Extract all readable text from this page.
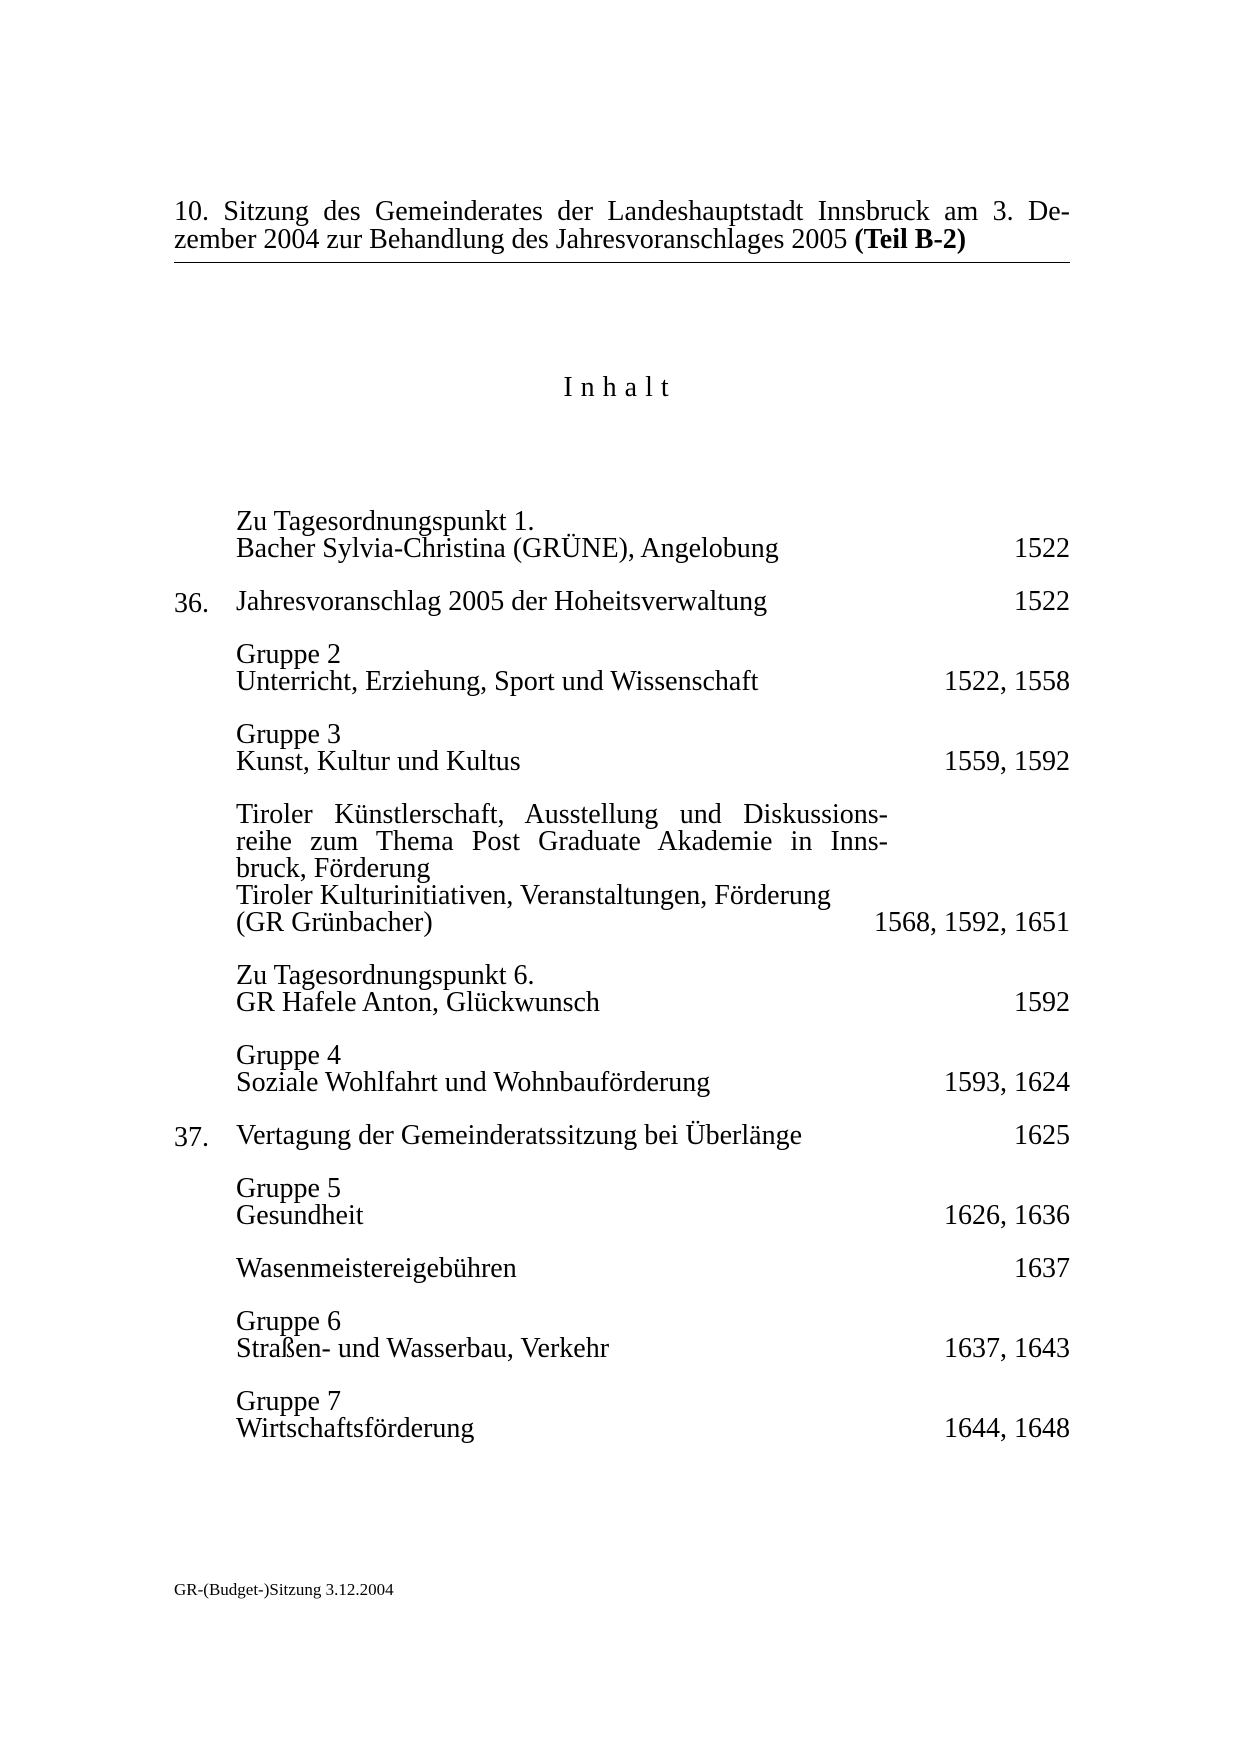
10. Sitzung des Gemeinderates der Landeshauptstadt Innsbruck am 3. De-
zember 2004 zur Behandlung des Jahresvoranschlages 2005 (Teil B-2)
Inhalt
Zu Tagesordnungspunkt 1.
Bacher Sylvia-Christina (GRÜNE), Angelobung	1522
36. Jahresvoranschlag 2005 der Hoheitsverwaltung	1522
Gruppe 2
Unterricht, Erziehung, Sport und Wissenschaft	1522, 1558
Gruppe 3
Kunst, Kultur und Kultus	1559, 1592
Tiroler Künstlerschaft, Ausstellung und Diskussions-
reihe zum Thema Post Graduate Akademie in Inns-
bruck, Förderung
Tiroler Kulturinitiativen, Veranstaltungen, Förderung
(GR Grünbacher)	1568, 1592, 1651
Zu Tagesordnungspunkt 6.
GR Hafele Anton, Glückwunsch	1592
Gruppe 4
Soziale Wohlfahrt und Wohnbauförderung	1593, 1624
37. Vertagung der Gemeinderatssitzung bei Überlänge	1625
Gruppe 5
Gesundheit	1626, 1636
Wasenmeistereigebühren	1637
Gruppe 6
Straßen- und Wasserbau, Verkehr	1637, 1643
Gruppe 7
Wirtschaftsförderung	1644, 1648
GR-(Budget-)Sitzung 3.12.2004
